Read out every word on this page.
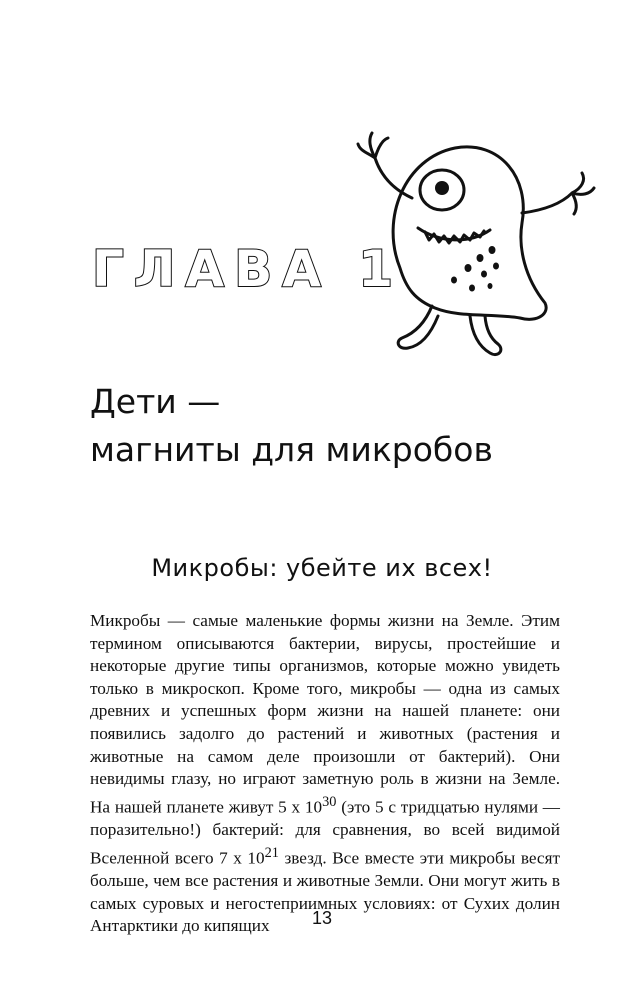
ГЛАВА 1
Дети —
магниты для микробов
Микробы: убейте их всех!

Микробы — самые маленькие формы жизни на Земле. Этим термином описываются бактерии, вирусы, простейшие и некоторые другие типы организмов, которые можно увидеть только в микроскоп. Кроме того, микробы — одна из самых древних и успешных форм жизни на нашей планете: они появились задолго до растений и животных (растения и животные на самом деле произошли от бактерий). Они невидимы глазу, но играют заметную роль в жизни на Земле. На нашей планете живут 5 х $10^{30}$ (это 5 с тридцатью нулями — поразительно!) бактерий: для сравнения, во всей видимой Вселенной всего 7 х $10^{21}$ звезд. Все вместе эти микробы весят больше, чем все растения и животные Земли. Они могут жить в самых суровых и негостеприимных условиях: от Сухих долин Антарктики до кипящих	13
